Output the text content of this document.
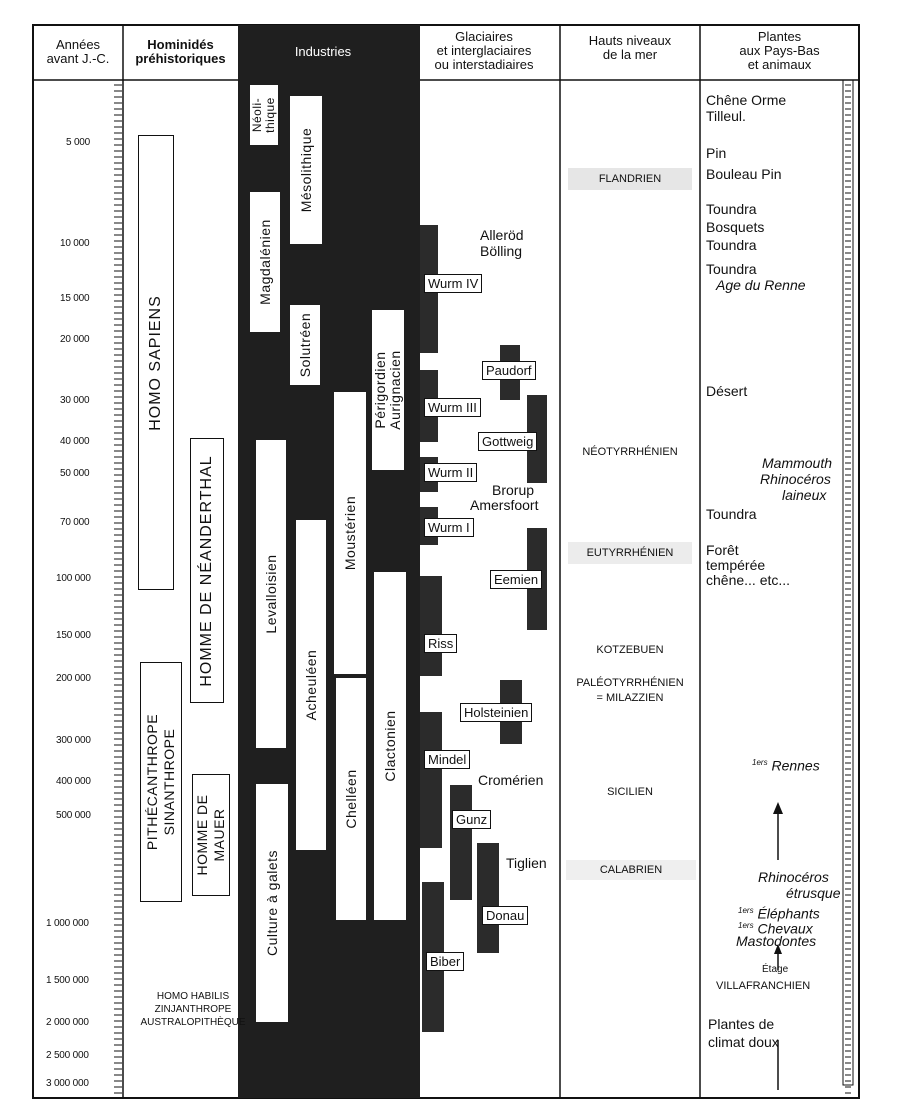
Années
avant J.-C.
Hominidés
préhistoriques	Industries
Glaciaires
et interglaciaires
ou interstadiaires
Hauts niveaux
de la mer
Plantes
aux Pays-Bas
et animaux
5 000
10 000
15 000
20 000
30 000
40 000
50 000
70 000
100 000
150 000
200 000
300 000
400 000
500 000
1 000 000
1 500 000
2 000 000
2 500 000
3 000 000
HOMO SAPIENS
HOMME DE NÉANDERTHAL
PITHÉCANTHROPE SINANTHROPE HOMME DE MAUER
HOMO HABILIS
ZINJANTHROPE
AUSTRALOPITHÈQUE
Néoli- thique
Mésolithique
Magdalénien
Solutréen
Périgordien Aurignacien
Levalloisien
Acheuléen
Moustérien
Chelléen
Clactonien
Culture à galets
Alleröd
Bölling
Wurm IV
Paudorf
Wurm III
Gottweig
Wurm II
Brorup
Amersfoort
Wurm I
Eemien
Riss
Holsteinien
Mindel
Cromérien
Gunz
Tiglien
Donau
Biber
FLANDRIEN
NÉOTYRRHÉNIEN
EUTYRRHÉNIEN
KOTZEBUEN
PALÉOTYRRHÉNIEN
= MILAZZIEN
SICILIEN
CALABRIEN
Chêne Orme
Tilleul.
Pin
Bouleau Pin
Toundra
Bosquets
Toundra
Toundra
Age du Renne
Désert
Mammouth
Rhinocéros
laineux
Toundra
Forêt
tempérée
chêne... etc...
$^{1ers}$ Rennes
Rhinocéros
étrusque
$^{1ers}$ Éléphants
$^{1ers}$ Chevaux
Mastodontes
Étage
VILLAFRANCHIEN
Plantes de
climat doux
